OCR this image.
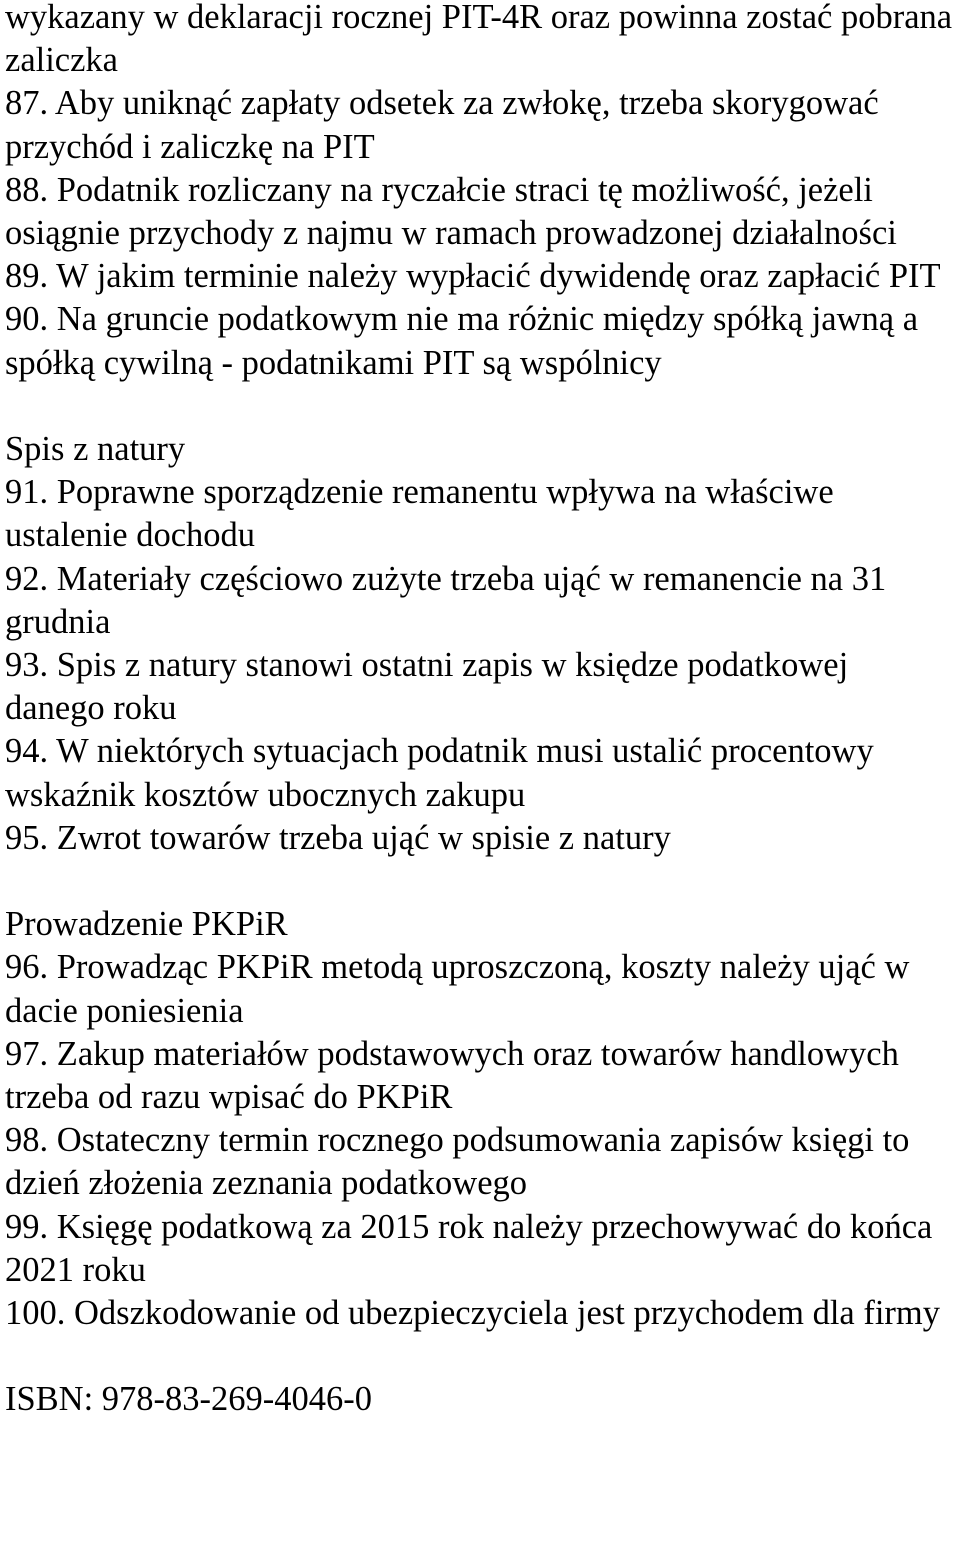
wykazany w deklaracji rocznej PIT-4R oraz powinna zostać pobrana zaliczka

87. Aby uniknąć zapłaty odsetek za zwłokę, trzeba skorygować przychód i zaliczkę na PIT

88. Podatnik rozliczany na ryczałcie straci tę możliwość, jeżeli osiągnie przychody z najmu w ramach prowadzonej działalności

89. W jakim terminie należy wypłacić dywidendę oraz zapłacić PIT

90. Na gruncie podatkowym nie ma różnic między spółką jawną a spółką cywilną - podatnikami PIT są wspólnicy

Spis z natury

91. Poprawne sporządzenie remanentu wpływa na właściwe ustalenie dochodu

92. Materiały częściowo zużyte trzeba ująć w remanencie na 31 grudnia

93. Spis z natury stanowi ostatni zapis w księdze podatkowej danego roku

94. W niektórych sytuacjach podatnik musi ustalić procentowy wskaźnik kosztów ubocznych zakupu

95. Zwrot towarów trzeba ująć w spisie z natury

Prowadzenie PKPiR

96. Prowadząc PKPiR metodą uproszczoną, koszty należy ująć w dacie poniesienia

97. Zakup materiałów podstawowych oraz towarów handlowych trzeba od razu wpisać do PKPiR

98. Ostateczny termin rocznego podsumowania zapisów księgi to dzień złożenia zeznania podatkowego

99. Księgę podatkową za 2015 rok należy przechowywać do końca 2021 roku

100. Odszkodowanie od ubezpieczyciela jest przychodem dla firmy

ISBN: 978-83-269-4046-0
